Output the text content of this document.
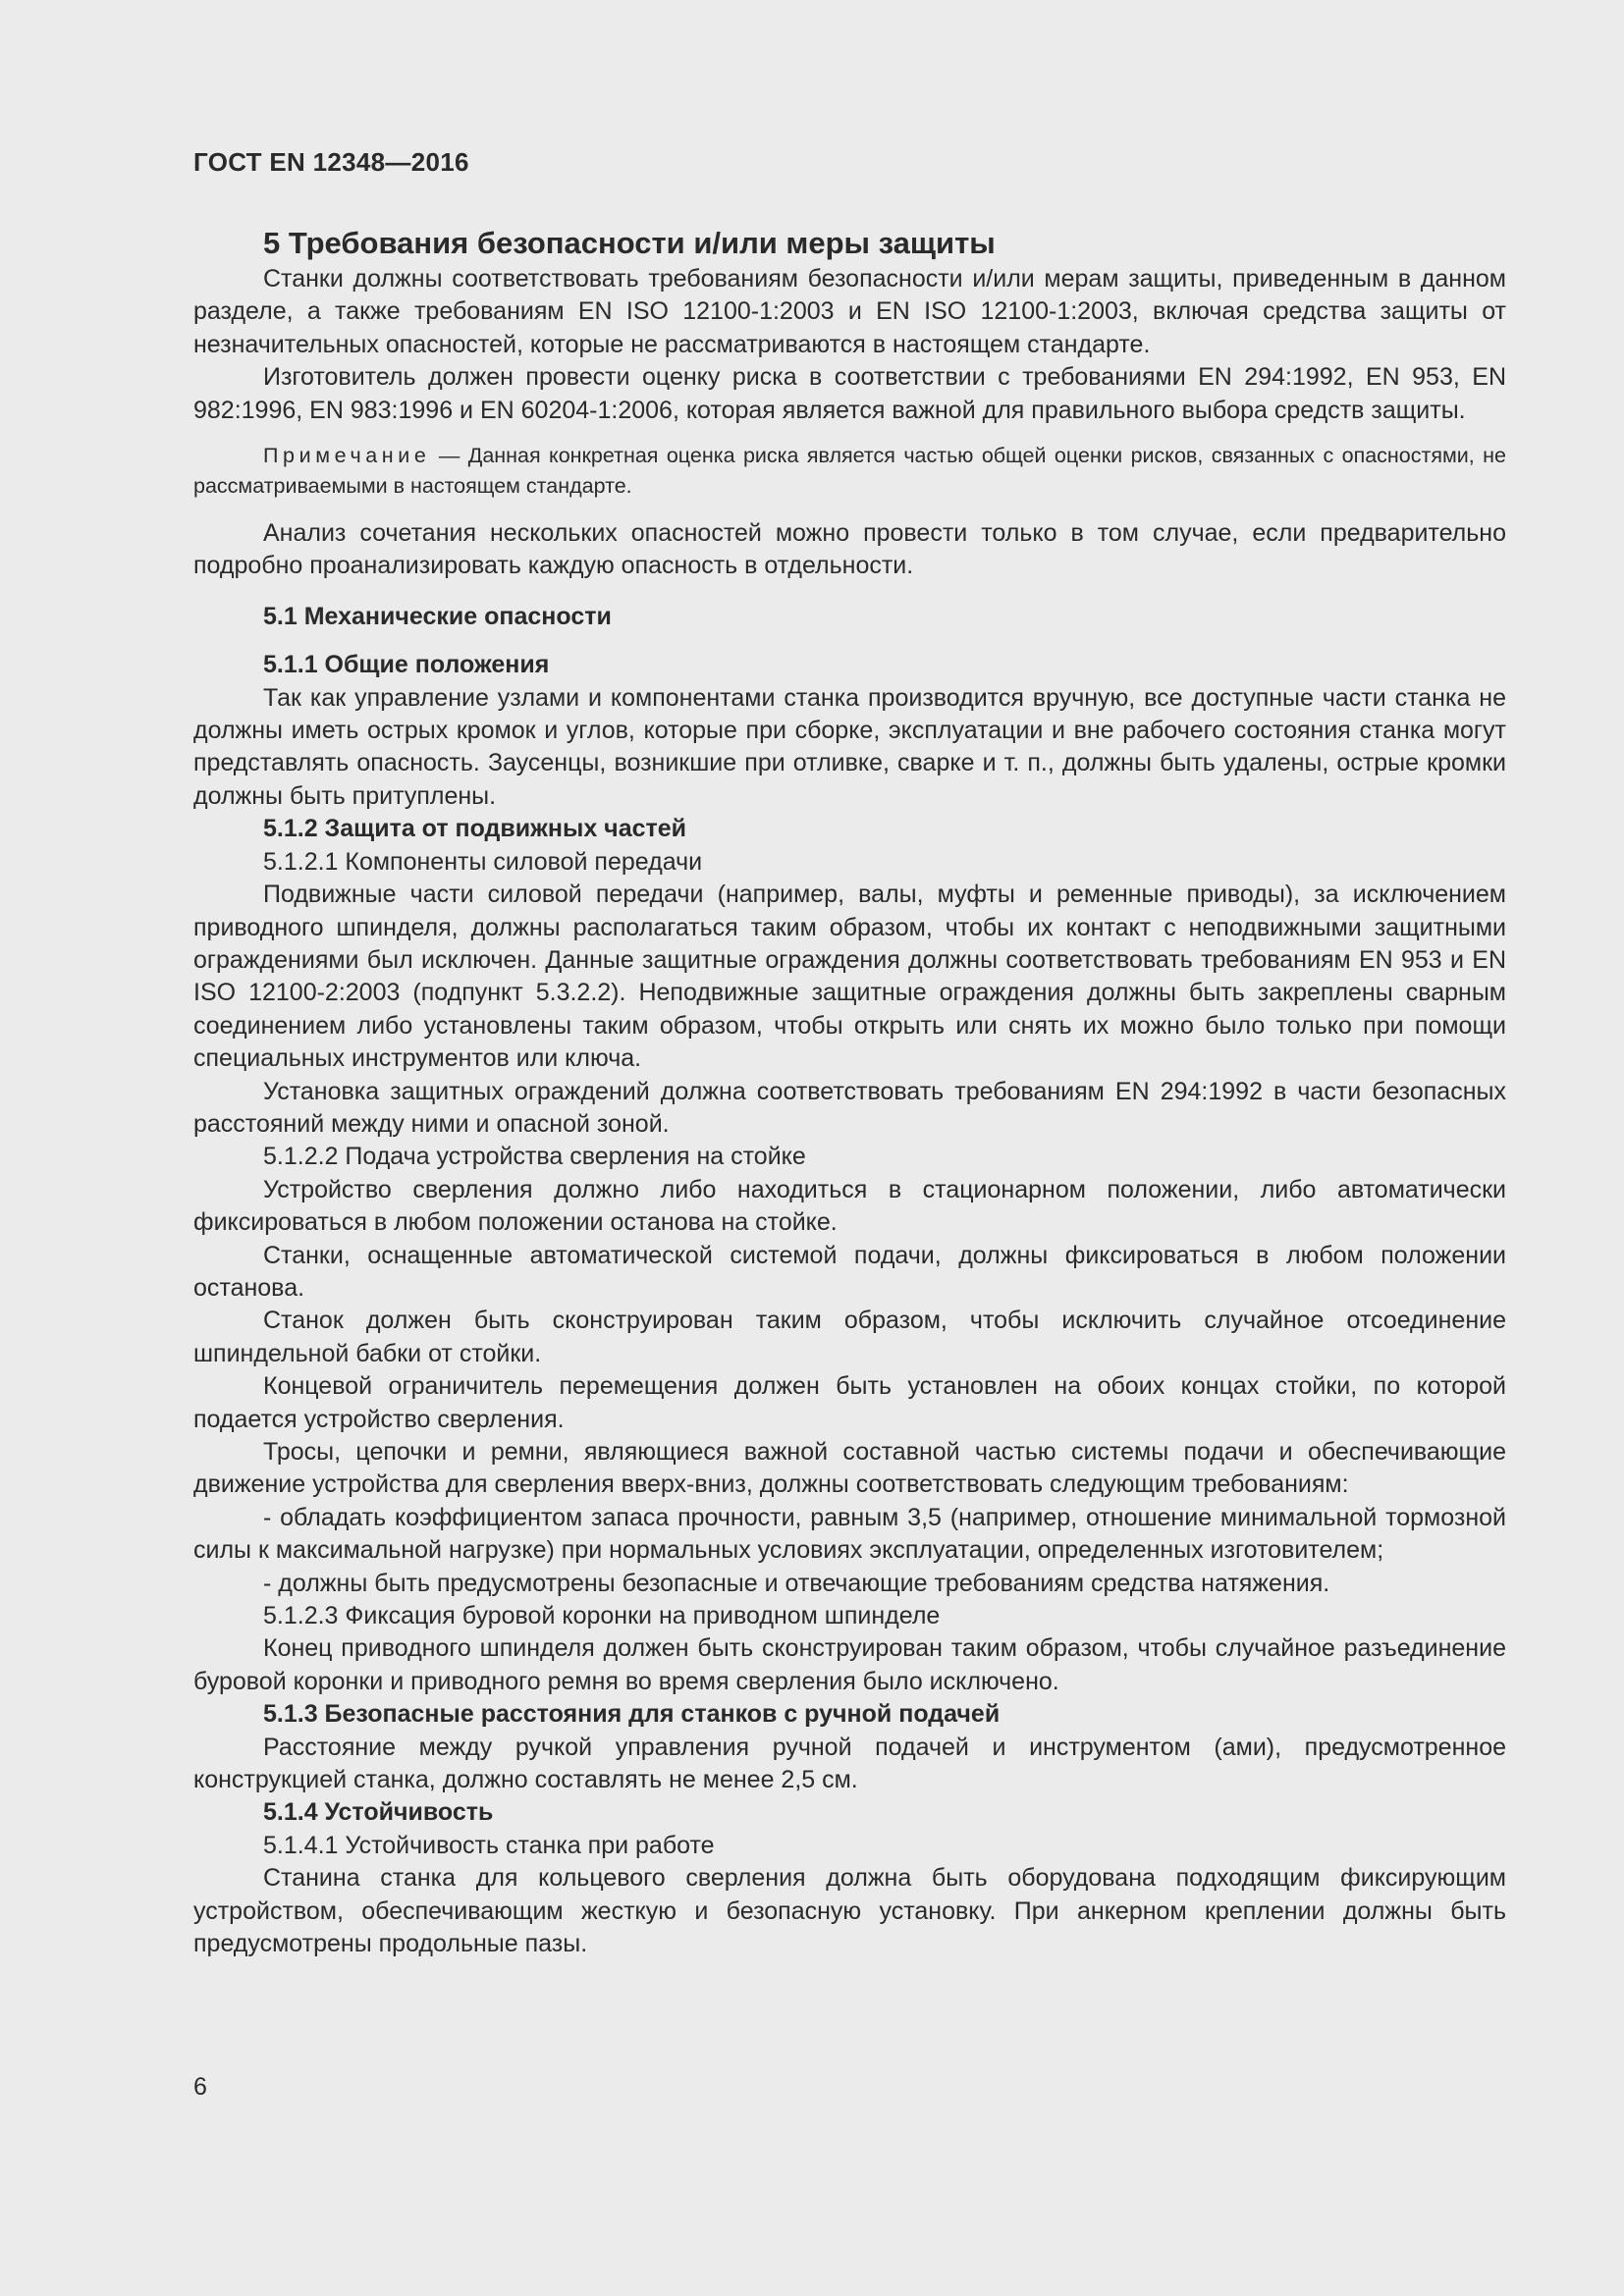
ГОСТ EN 12348—2016

5 Требования безопасности и/или меры защиты

Станки должны соответствовать требованиям безопасности и/или мерам защиты, приведенным в данном разделе, а также требованиям EN ISO 12100-1:2003 и EN ISO 12100-1:2003, включая средства защиты от незначительных опасностей, которые не рассматриваются в настоящем стандарте.

Изготовитель должен провести оценку риска в соответствии с требованиями EN 294:1992, EN 953, EN 982:1996, EN 983:1996 и EN 60204-1:2006, которая является важной для правильного выбора средств защиты.

Примечание — Данная конкретная оценка риска является частью общей оценки рисков, связанных с опасностями, не рассматриваемыми в настоящем стандарте.

Анализ сочетания нескольких опасностей можно провести только в том случае, если предварительно подробно проанализировать каждую опасность в отдельности.

5.1 Механические опасности

5.1.1 Общие положения

Так как управление узлами и компонентами станка производится вручную, все доступные части станка не должны иметь острых кромок и углов, которые при сборке, эксплуатации и вне рабочего состояния станка могут представлять опасность. Заусенцы, возникшие при отливке, сварке и т. п., должны быть удалены, острые кромки должны быть притуплены.

5.1.2 Защита от подвижных частей

5.1.2.1 Компоненты силовой передачи

Подвижные части силовой передачи (например, валы, муфты и ременные приводы), за исключением приводного шпинделя, должны располагаться таким образом, чтобы их контакт с неподвижными защитными ограждениями был исключен. Данные защитные ограждения должны соответствовать требованиям EN 953 и EN ISO 12100-2:2003 (подпункт 5.3.2.2). Неподвижные защитные ограждения должны быть закреплены сварным соединением либо установлены таким образом, чтобы открыть или снять их можно было только при помощи специальных инструментов или ключа.

Установка защитных ограждений должна соответствовать требованиям EN 294:1992 в части безопасных расстояний между ними и опасной зоной.

5.1.2.2 Подача устройства сверления на стойке

Устройство сверления должно либо находиться в стационарном положении, либо автоматически фиксироваться в любом положении останова на стойке.

Станки, оснащенные автоматической системой подачи, должны фиксироваться в любом положении останова.

Станок должен быть сконструирован таким образом, чтобы исключить случайное отсоединение шпиндельной бабки от стойки.

Концевой ограничитель перемещения должен быть установлен на обоих концах стойки, по которой подается устройство сверления.

Тросы, цепочки и ремни, являющиеся важной составной частью системы подачи и обеспечивающие движение устройства для сверления вверх-вниз, должны соответствовать следующим требованиям:

- обладать коэффициентом запаса прочности, равным 3,5 (например, отношение минимальной тормозной силы к максимальной нагрузке) при нормальных условиях эксплуатации, определенных изготовителем;

- должны быть предусмотрены безопасные и отвечающие требованиям средства натяжения.

5.1.2.3 Фиксация буровой коронки на приводном шпинделе

Конец приводного шпинделя должен быть сконструирован таким образом, чтобы случайное разъединение буровой коронки и приводного ремня во время сверления было исключено.

5.1.3 Безопасные расстояния для станков с ручной подачей

Расстояние между ручкой управления ручной подачей и инструментом (ами), предусмотренное конструкцией станка, должно составлять не менее 2,5 см.

5.1.4 Устойчивость

5.1.4.1 Устойчивость станка при работе

Станина станка для кольцевого сверления должна быть оборудована подходящим фиксирующим устройством, обеспечивающим жесткую и безопасную установку. При анкерном креплении должны быть предусмотрены продольные пазы.

6
